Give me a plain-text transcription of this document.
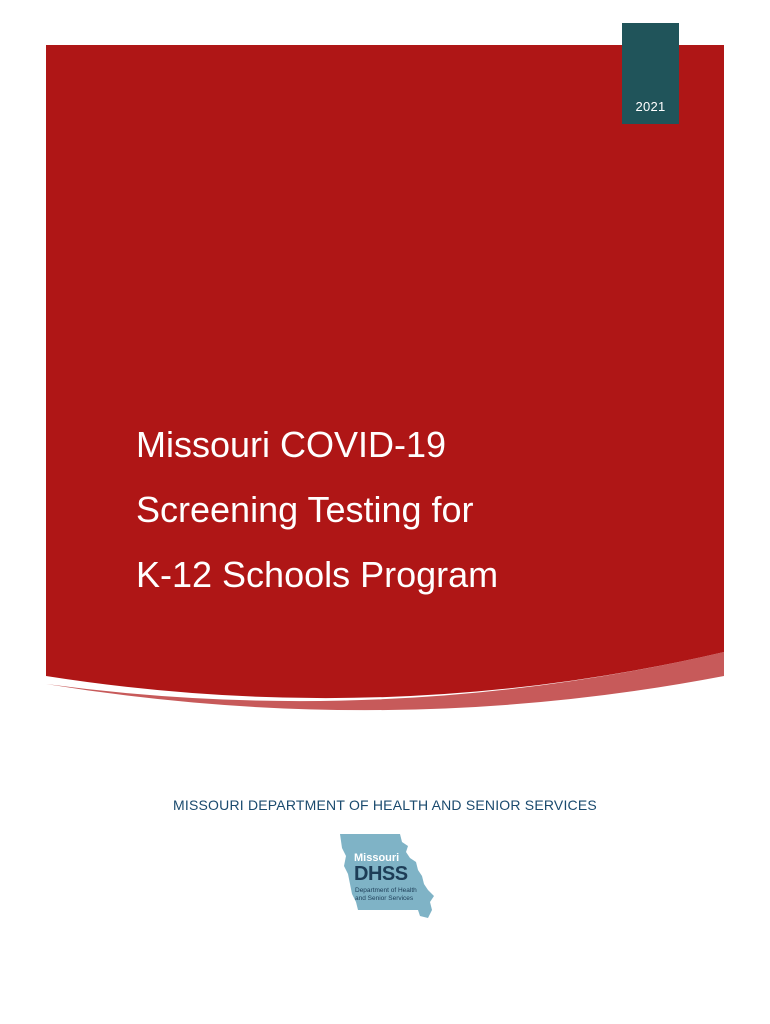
2021
Missouri COVID-19
Screening Testing for
K-12 Schools Program
MISSOURI DEPARTMENT OF HEALTH AND SENIOR SERVICES
Missouri
DHSS
Department of Health
and Senior Services
